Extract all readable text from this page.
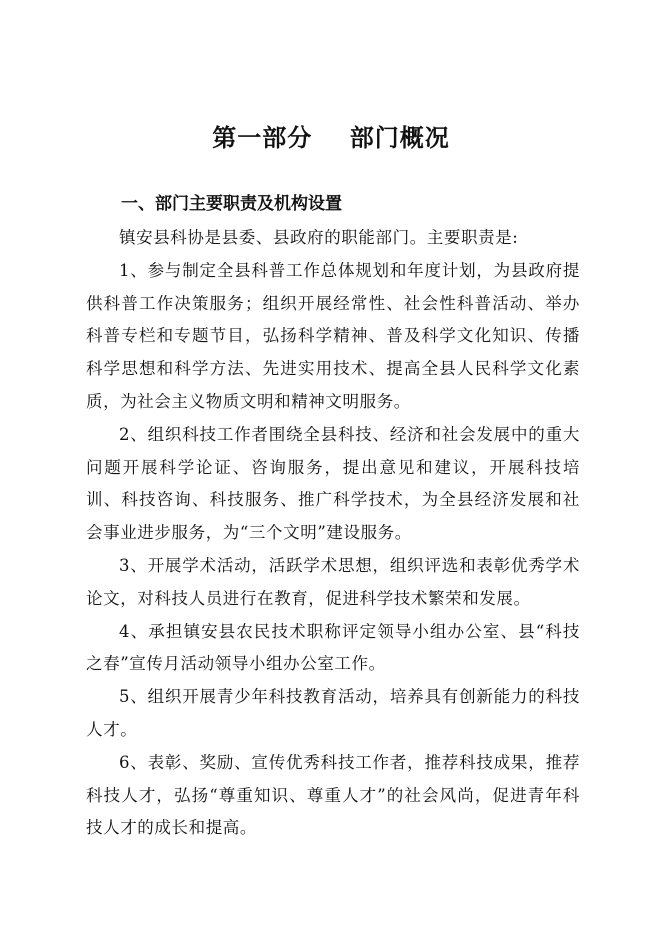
第一部分    部门概况
一、部门主要职责及机构设置

镇安县科协是县委、县政府的职能部门。主要职责是:

1、参与制定全县科普工作总体规划和年度计划，为县政府提供科普工作决策服务；组织开展经常性、社会性科普活动、举办科普专栏和专题节目，弘扬科学精神、普及科学文化知识、传播科学思想和科学方法、先进实用技术、提高全县人民科学文化素质，为社会主义物质文明和精神文明服务。

2、组织科技工作者围绕全县科技、经济和社会发展中的重大问题开展科学论证、咨询服务，提出意见和建议，开展科技培训、科技咨询、科技服务、推广科学技术，为全县经济发展和社会事业进步服务，为“三个文明”建设服务。

3、开展学术活动，活跃学术思想，组织评选和表彰优秀学术论文，对科技人员进行在教育，促进科学技术繁荣和发展。

4、承担镇安县农民技术职称评定领导小组办公室、县“科技之春”宣传月活动领导小组办公室工作。

5、组织开展青少年科技教育活动，培养具有创新能力的科技人才。

6、表彰、奖励、宣传优秀科技工作者，推荐科技成果，推荐科技人才，弘扬“尊重知识、尊重人才”的社会风尚，促进青年科技人才的成长和提高。
